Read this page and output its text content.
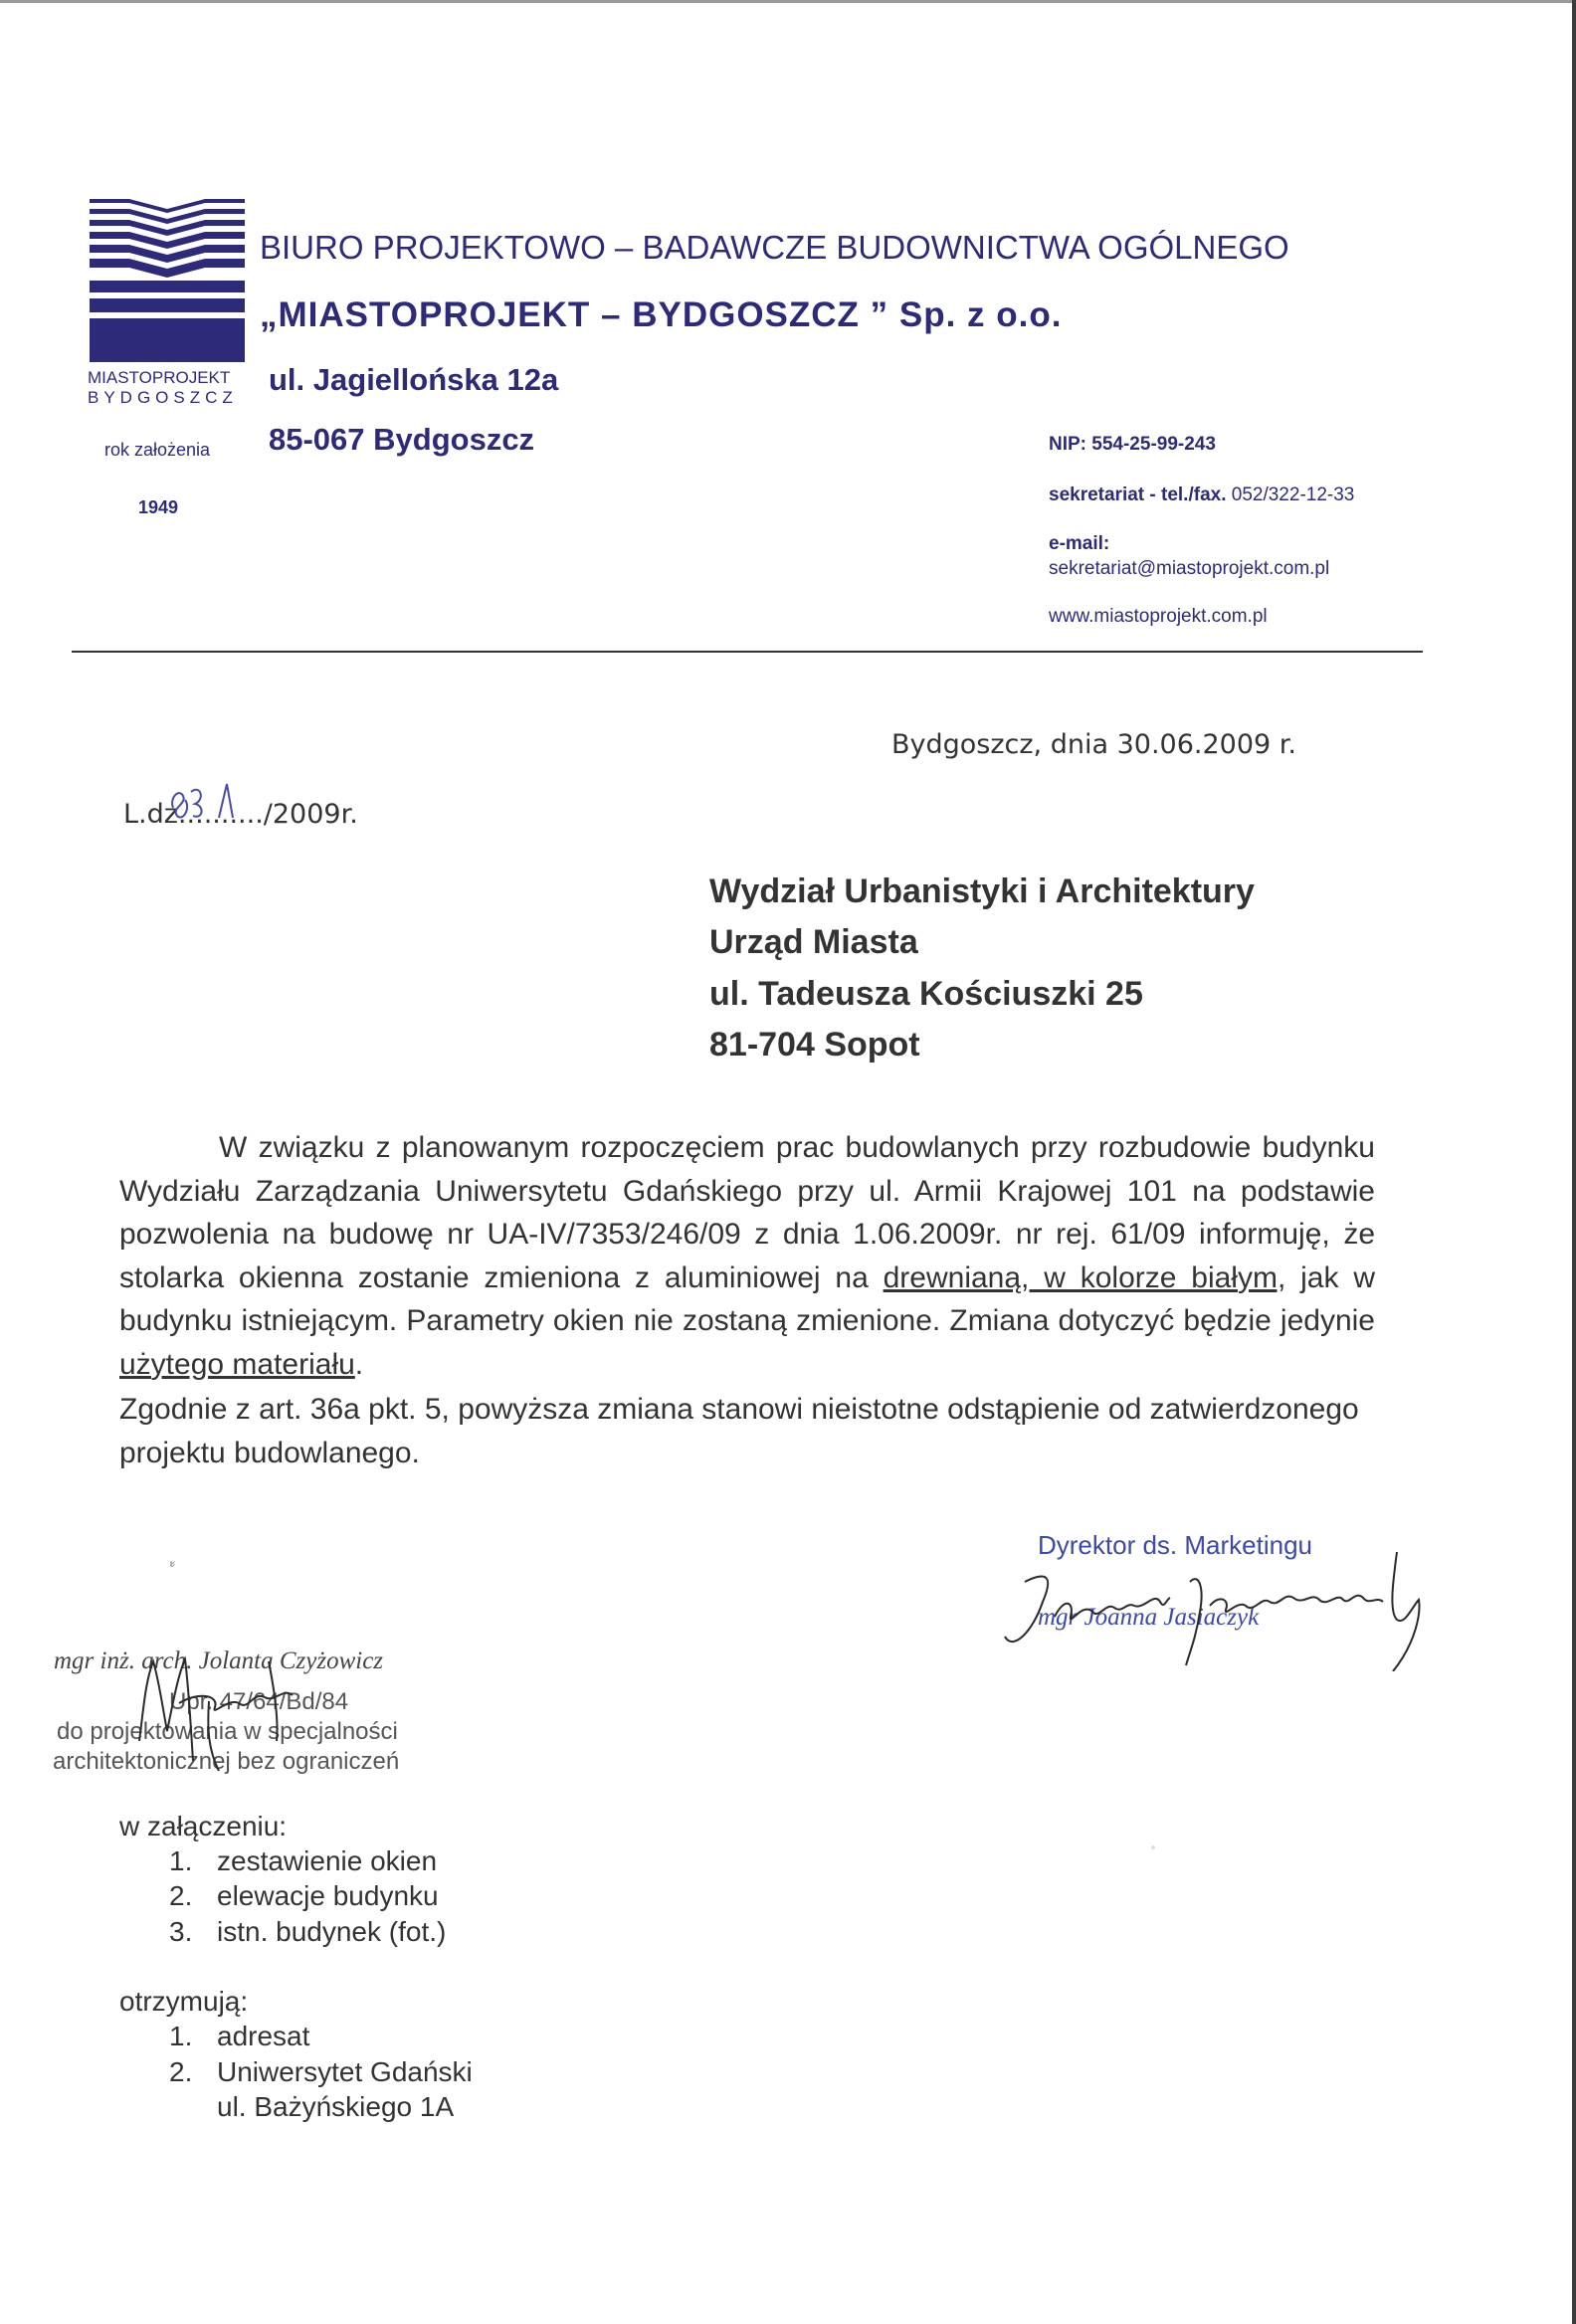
MIASTOPROJEKT
BYDGOSZCZ
rok założenia
1949
BIURO PROJEKTOWO – BADAWCZE BUDOWNICTWA OGÓLNEGO
„MIASTOPROJEKT – BYDGOSZCZ ” Sp. z o.o.
ul. Jagiellońska 12a
85-067 Bydgoszcz	NIP: 554-25-99-243
sekretariat - tel./fax. 052/322-12-33
e-mail:
sekretariat@miastoprojekt.com.pl
www.miastoprojekt.com.pl
Bydgoszcz, dnia 30.06.2009 r.
L.dz........../2009r.
Wydział Urbanistyki i Architektury
Urząd Miasta
ul. Tadeusza Kościuszki 25
81-704 Sopot
W związku z planowanym rozpoczęciem prac budowlanych przy rozbudowie budynku Wydziału Zarządzania Uniwersytetu Gdańskiego przy ul. Armii Krajowej 101 na podstawie pozwolenia na budowę nr UA-IV/7353/246/09 z dnia 1.06.2009r. nr rej. 61/09 informuję, że stolarka okienna zostanie zmieniona z aluminiowej na drewnianą, w kolorze białym, jak w budynku istniejącym. Parametry okien nie zostaną zmienione. Zmiana dotyczyć będzie jedynie użytego materiału.
Zgodnie z art. 36a pkt. 5, powyższa zmiana stanowi nieistotne odstąpienie od zatwierdzonego projektu budowlanego.
ะ
Dyrektor ds. Marketingu
mgr Joanna Jasiaczyk
mgr inż. arch. Jolanta Czyżowicz
Upr. 47/64/Bd/84
do projektowania w specjalności
architektonicznej bez ograniczeń
w załączeniu:
1. zestawienie okien
2. elewacje budynku
3. istn. budynek (fot.)
otrzymują:
1. adresat
2. Uniwersytet Gdański
ul. Bażyńskiego 1A
